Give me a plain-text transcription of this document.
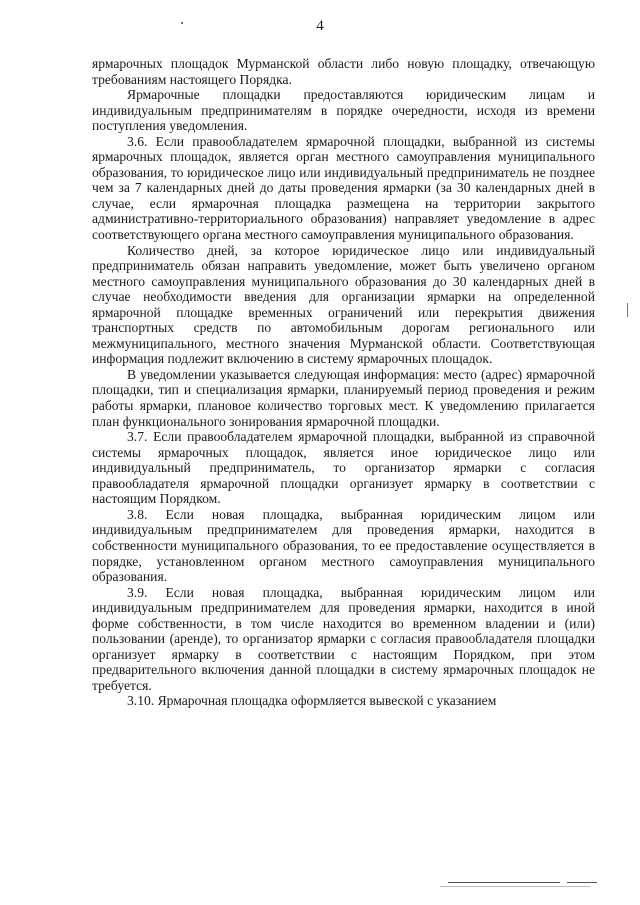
4

ярмарочных площадок Мурманской области либо новую площадку, отвечающую требованиям настоящего Порядка.

Ярмарочные площадки предоставляются юридическим лицам и индивидуальным предпринимателям в порядке очередности, исходя из времени поступления уведомления.

3.6. Если правообладателем ярмарочной площадки, выбранной из системы ярмарочных площадок, является орган местного самоуправления муниципального образования, то юридическое лицо или индивидуальный предприниматель не позднее чем за 7 календарных дней до даты проведения ярмарки (за 30 календарных дней в случае, если ярмарочная площадка размещена на территории закрытого административно-территориального образования) направляет уведомление в адрес соответствующего органа местного самоуправления муниципального образования.

Количество дней, за которое юридическое лицо или индивидуальный предприниматель обязан направить уведомление, может быть увеличено органом местного самоуправления муниципального образования до 30 календарных дней в случае необходимости введения для организации ярмарки на определенной ярмарочной площадке временных ограничений или перекрытия движения транспортных средств по автомобильным дорогам регионального или межмуниципального, местного значения Мурманской области. Соответствующая информация подлежит включению в систему ярмарочных площадок.

В уведомлении указывается следующая информация: место (адрес) ярмарочной площадки, тип и специализация ярмарки, планируемый период проведения и режим работы ярмарки, плановое количество торговых мест. К уведомлению прилагается план функционального зонирования ярмарочной площадки.

3.7. Если правообладателем ярмарочной площадки, выбранной из справочной системы ярмарочных площадок, является иное юридическое лицо или индивидуальный предприниматель, то организатор ярмарки с согласия правообладателя ярмарочной площадки организует ярмарку в соответствии с настоящим Порядком.

3.8. Если новая площадка, выбранная юридическим лицом или индивидуальным предпринимателем для проведения ярмарки, находится в собственности муниципального образования, то ее предоставление осуществляется в порядке, установленном органом местного самоуправления муниципального образования.

3.9. Если новая площадка, выбранная юридическим лицом или индивидуальным предпринимателем для проведения ярмарки, находится в иной форме собственности, в том числе находится во временном владении и (или) пользовании (аренде), то организатор ярмарки с согласия правообладателя площадки организует ярмарку в соответствии с настоящим Порядком, при этом предварительного включения данной площадки в систему ярмарочных площадок не требуется.

3.10. Ярмарочная площадка оформляется вывеской с указанием
